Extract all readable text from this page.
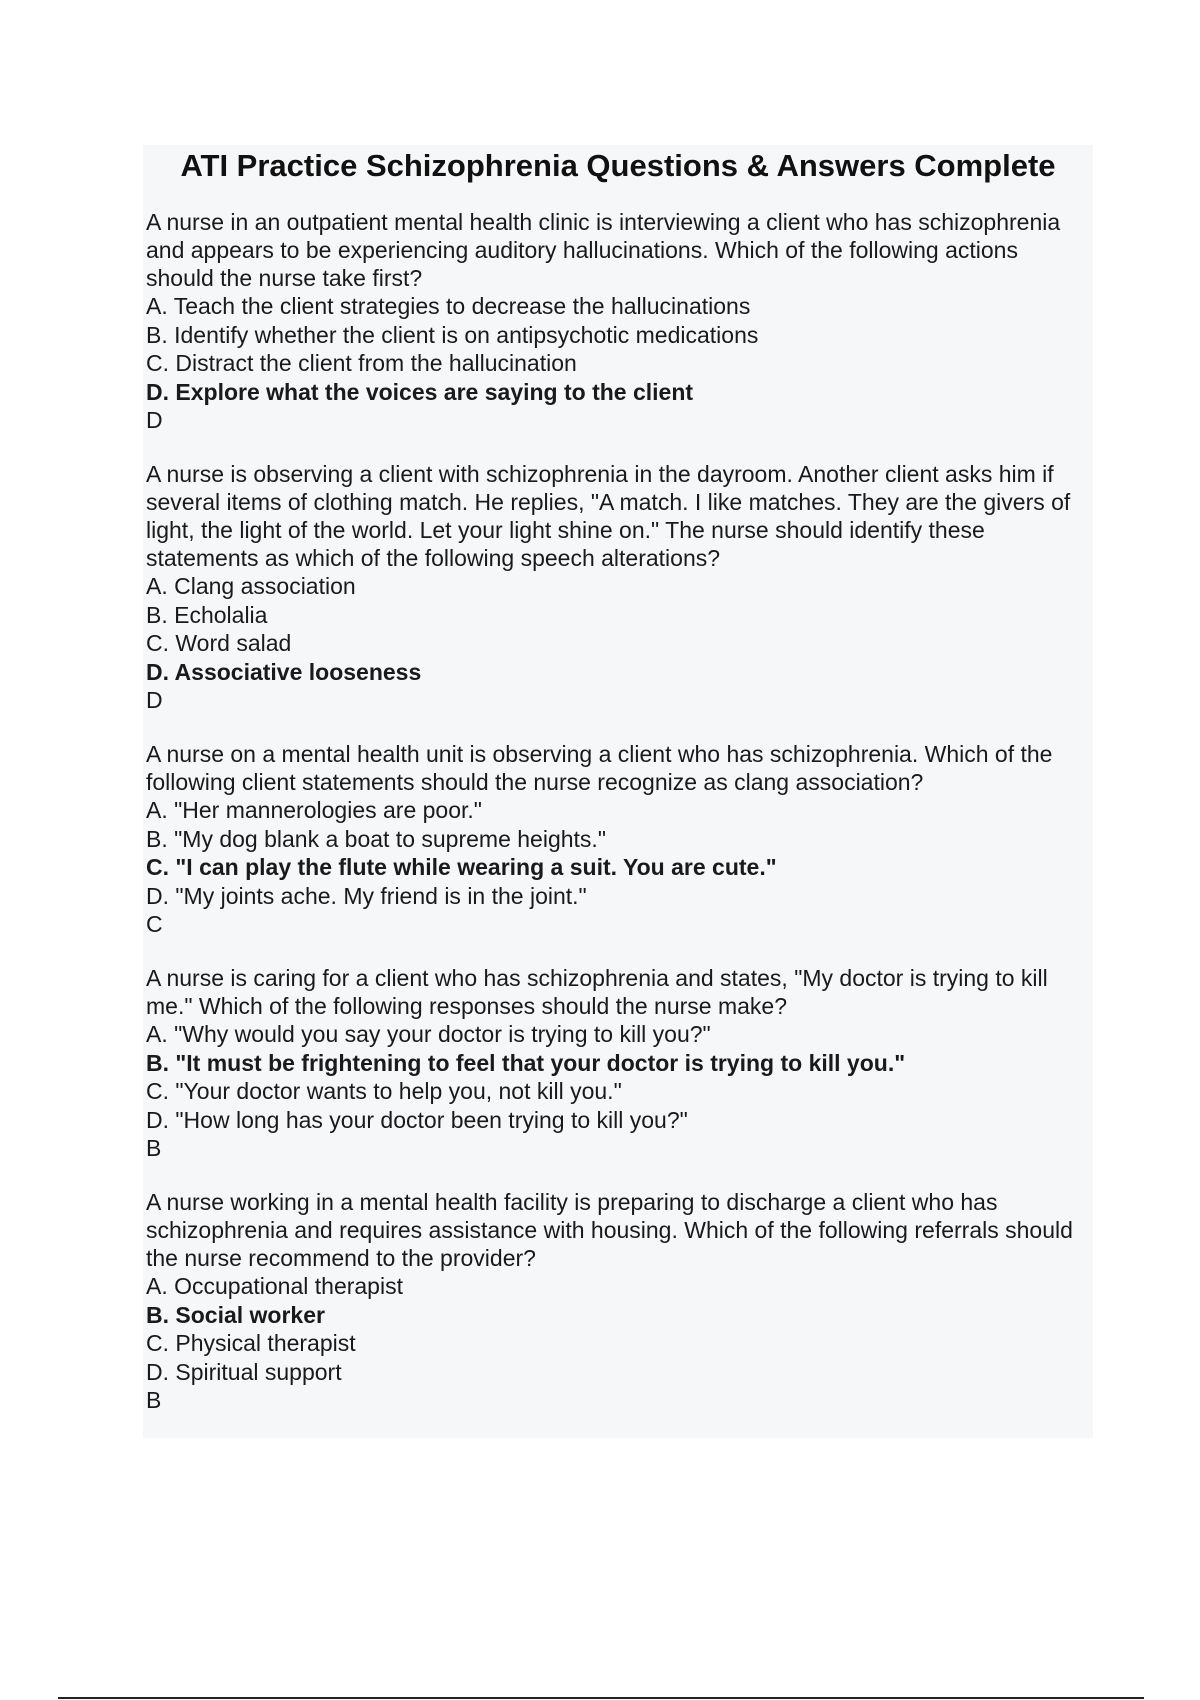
ATI Practice Schizophrenia Questions & Answers Complete

A nurse in an outpatient mental health clinic is interviewing a client who has schizophrenia and appears to be experiencing auditory hallucinations. Which of the following actions should the nurse take first?

A. Teach the client strategies to decrease the hallucinations
B. Identify whether the client is on antipsychotic medications
C. Distract the client from the hallucination
D. Explore what the voices are saying to the client

D

A nurse is observing a client with schizophrenia in the dayroom. Another client asks him if several items of clothing match. He replies, "A match. I like matches. They are the givers of light, the light of the world. Let your light shine on." The nurse should identify these statements as which of the following speech alterations?

A. Clang association
B. Echolalia
C. Word salad
D. Associative looseness

D

A nurse on a mental health unit is observing a client who has schizophrenia. Which of the following client statements should the nurse recognize as clang association?

A. "Her mannerologies are poor."
B. "My dog blank a boat to supreme heights."
C. "I can play the flute while wearing a suit. You are cute."
D. "My joints ache. My friend is in the joint."

C

A nurse is caring for a client who has schizophrenia and states, "My doctor is trying to kill me." Which of the following responses should the nurse make?

A. "Why would you say your doctor is trying to kill you?"
B. "It must be frightening to feel that your doctor is trying to kill you."
C. "Your doctor wants to help you, not kill you."
D. "How long has your doctor been trying to kill you?"

B

A nurse working in a mental health facility is preparing to discharge a client who has schizophrenia and requires assistance with housing. Which of the following referrals should the nurse recommend to the provider?

A. Occupational therapist
B. Social worker
C. Physical therapist
D. Spiritual support

B
